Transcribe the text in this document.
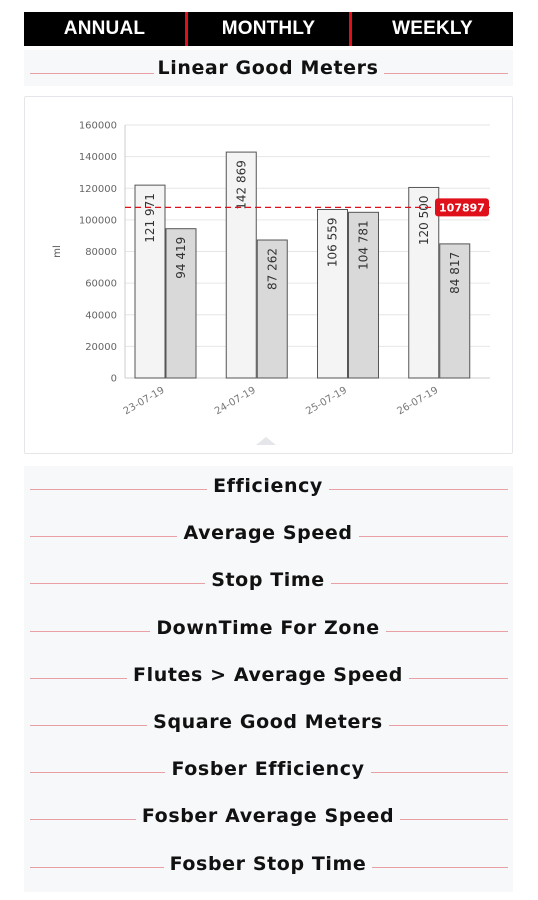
ANNUAL	MONTHLY	WEEKLY
Linear Good Meters
0
20000
40000
60000
80000
100000
120000
140000
160000
ml
121 971
94 419
23-07-19
142 869
87 262
24-07-19
106 559 104 781
25-07-19
120 500
84 817
26-07-19
107897
Efficiency
Average Speed
Stop Time
DownTime For Zone
Flutes > Average Speed
Square Good Meters
Fosber Efficiency
Fosber Average Speed
Fosber Stop Time
